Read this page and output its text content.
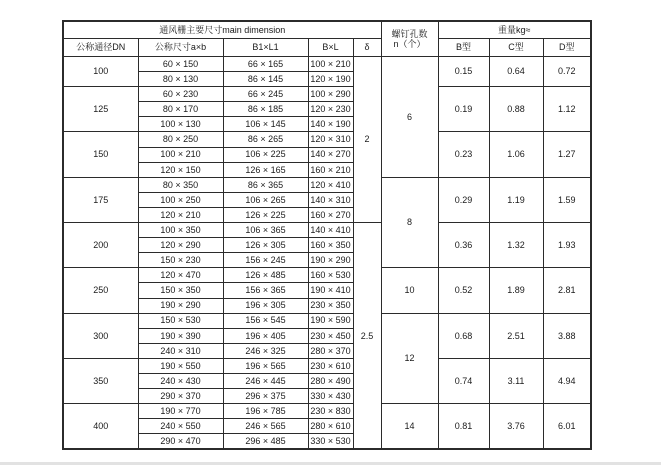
通风栅主要尺寸main dimension					螺钉孔数
n（个）	重量kg≈		
公称通径DN	公称尺寸a×b	B1×L1	B×L	δ		B型	C型	D型
100	60 × 150	66 × 165	100 × 210	2	6	0.15	0.64	0.72
	80 × 130	86 × 145	120 × 190					
125	60 × 230	66 × 245	100 × 290			0.19	0.88	1.12
	80 × 170	86 × 185	120 × 230					
	100 × 130	106 × 145	140 × 190					
150	80 × 250	86 × 265	120 × 310			0.23	1.06	1.27
	100 × 210	106 × 225	140 × 270					
	120 × 150	126 × 165	160 × 210					
175	80 × 350	86 × 365	120 × 410		8	0.29	1.19	1.59
	100 × 250	106 × 265	140 × 310					
	120 × 210	126 × 225	160 × 270					
200	100 × 350	106 × 365	140 × 410	2.5		0.36	1.32	1.93
	120 × 290	126 × 305	160 × 350					
	150 × 230	156 × 245	190 × 290					
250	120 × 470	126 × 485	160 × 530		10	0.52	1.89	2.81
	150 × 350	156 × 365	190 × 410					
	190 × 290	196 × 305	230 × 350					
300	150 × 530	156 × 545	190 × 590		12	0.68	2.51	3.88
	190 × 390	196 × 405	230 × 450					
	240 × 310	246 × 325	280 × 370					
350	190 × 550	196 × 565	230 × 610			0.74	3.11	4.94
	240 × 430	246 × 445	280 × 490					
	290 × 370	296 × 375	330 × 430					
400	190 × 770	196 × 785	230 × 830		14	0.81	3.76	6.01
	240 × 550	246 × 565	280 × 610					
	290 × 470	296 × 485	330 × 530					
